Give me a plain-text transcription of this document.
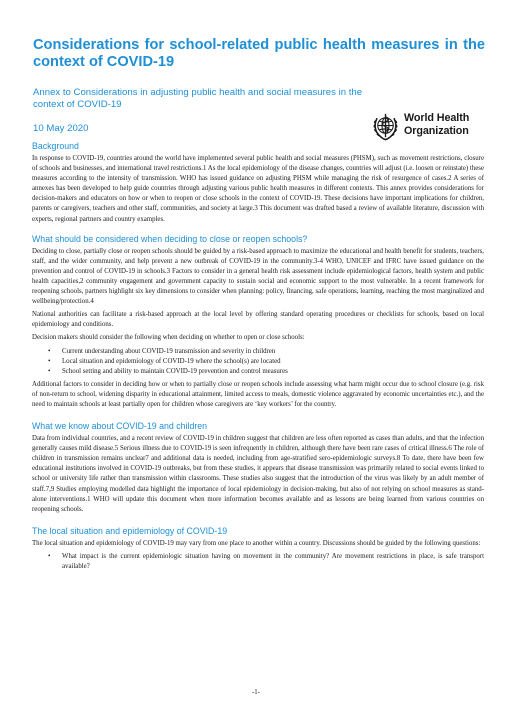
Considerations for school-related public health measures in the context of COVID-19
Annex to Considerations in adjusting public health and social measures in the context of COVID-19
10 May 2020
World Health
Organization
Background

In response to COVID-19, countries around the world have implemented several public health and social measures (PHSM), such as movement restrictions, closure of schools and businesses, and international travel restrictions.1 As the local epidemiology of the disease changes, countries will adjust (i.e. loosen or reinstate) these measures according to the intensity of transmission. WHO has issued guidance on adjusting PHSM while managing the risk of resurgence of cases.2 A series of annexes has been developed to help guide countries through adjusting various public health measures in different contexts. This annex provides considerations for decision-makers and educators on how or when to reopen or close schools in the context of COVID-19. These decisions have important implications for children, parents or caregivers, teachers and other staff, communities, and society at large.3 This document was drafted based a review of available literature, discussion with experts, regional partners and country examples.

What should be considered when deciding to close or reopen schools?

Deciding to close, partially close or reopen schools should be guided by a risk-based approach to maximize the educational and health benefit for students, teachers, staff, and the wider community, and help prevent a new outbreak of COVID-19 in the community.3-4 WHO, UNICEF and IFRC have issued guidance on the prevention and control of COVID-19 in schools.3 Factors to consider in a general health risk assessment include epidemiological factors, health system and public health capacities,2 community engagement and government capacity to sustain social and economic support to the most vulnerable. In a recent framework for reopening schools, partners highlight six key dimensions to consider when planning: policy, financing, safe operations, learning, reaching the most marginalized and wellbeing/protection.4

National authorities can facilitate a risk-based approach at the local level by offering standard operating procedures or checklists for schools, based on local epidemiology and conditions.

Decision makers should consider the following when deciding on whether to open or close schools:

• Current understanding about COVID-19 transmission and severity in children
• Local situation and epidemiology of COVID-19 where the school(s) are located
• School setting and ability to maintain COVID-19 prevention and control measures

Additional factors to consider in deciding how or when to partially close or reopen schools include assessing what harm might occur due to school closure (e.g. risk of non-return to school, widening disparity in educational attainment, limited access to meals, domestic violence aggravated by economic uncertainties etc.), and the need to maintain schools at least partially open for children whose caregivers are ‘key workers’ for the country.

What we know about COVID-19 and children

Data from individual countries, and a recent review of COVID-19 in children suggest that children are less often reported as cases than adults, and that the infection generally causes mild disease.5 Serious illness due to COVID-19 is seen infrequently in children, although there have been rare cases of critical illness.6 The role of children in transmission remains unclear7 and additional data is needed, including from age-stratified sero-epidemiologic surveys.8 To date, there have been few educational institutions involved in COVID-19 outbreaks, but from these studies, it appears that disease transmission was primarily related to social events linked to school or university life rather than transmission within classrooms. These studies also suggest that the introduction of the virus was likely by an adult member of staff.7,9 Studies employing modelled data highlight the importance of local epidemiology in decision-making, but also of not relying on school measures as stand-alone interventions.1 WHO will update this document when more information becomes available and as lessons are being learned from various countries on reopening schools.

The local situation and epidemiology of COVID-19

The local situation and epidemiology of COVID-19 may vary from one place to another within a country. Discussions should be guided by the following questions:

• What impact is the current epidemiologic situation having on movement in the community? Are movement restrictions in place, is safe transport available?
-1-
